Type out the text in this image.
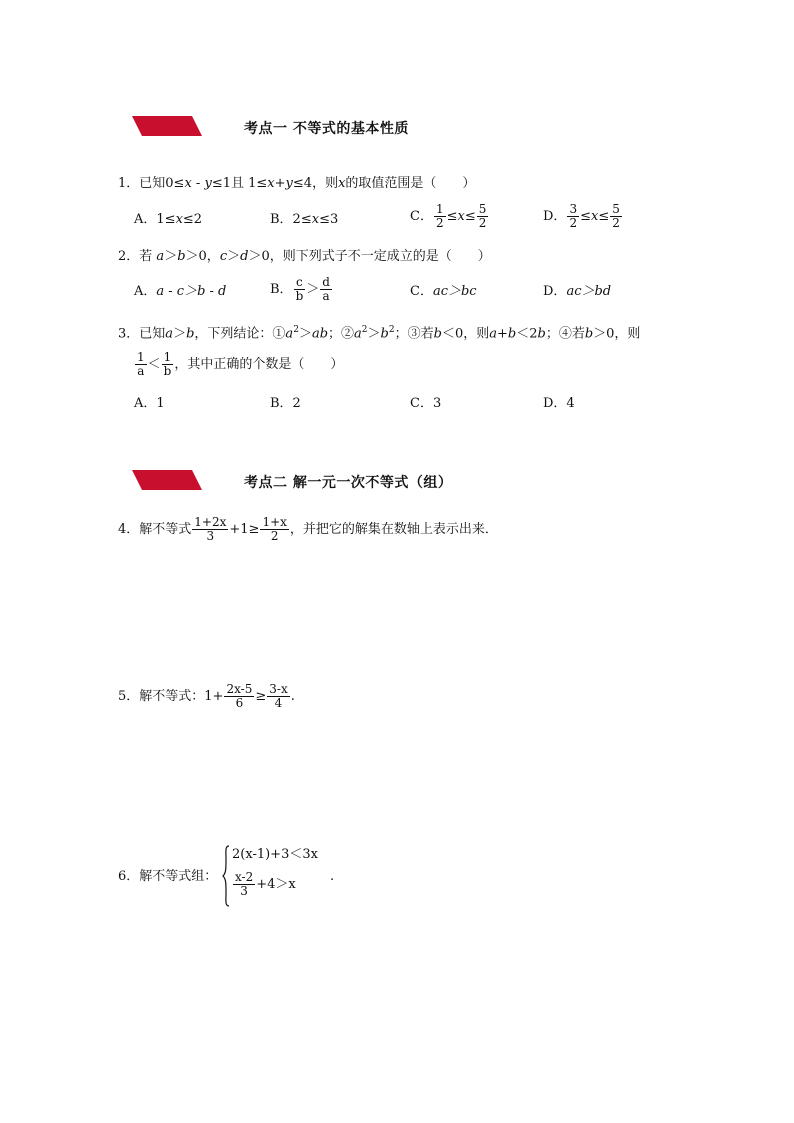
考点一 不等式的基本性质
1．已知0≤x - y≤1且 1≤x+y≤4，则x的取值范围是（　　）
A．1≤x≤2	B．2≤x≤3	C． $\frac{1}{2} \le x\le \frac{5}{2}$	D． $\frac{3}{2} \le x\le \frac{5}{2}$
2．若 a＞b＞0，c＞d＞0，则下列式子不一定成立的是（　　）
A．a - c＞b - d	B． $\frac{c}{b} > \frac{d}{a}$	C．ac＞bc	D．ac＞bd
3．已知a＞b，下列结论：$①a^2>ab$；$②a^2>b^2$；③若b＜0，则a+b＜2b；④若b＞0，则
$\frac{1}{a} < \frac{1}{b}$ ，其中正确的个数是（　　）
A．1	B．2	C．3	D．4
考点二 解一元一次不等式（组）
4．解不等式 $\frac{1+2x}{3} +1\ge \frac{1+x}{2}$ ，并把它的解集在数轴上表示出来．
5．解不等式：$1+ \frac{2x-5}{6} \ge \frac{3-x}{4}$ .
6．解不等式组：
2(x-1)+3＜3x
$\frac{x-2}{3} +4>x$
.
